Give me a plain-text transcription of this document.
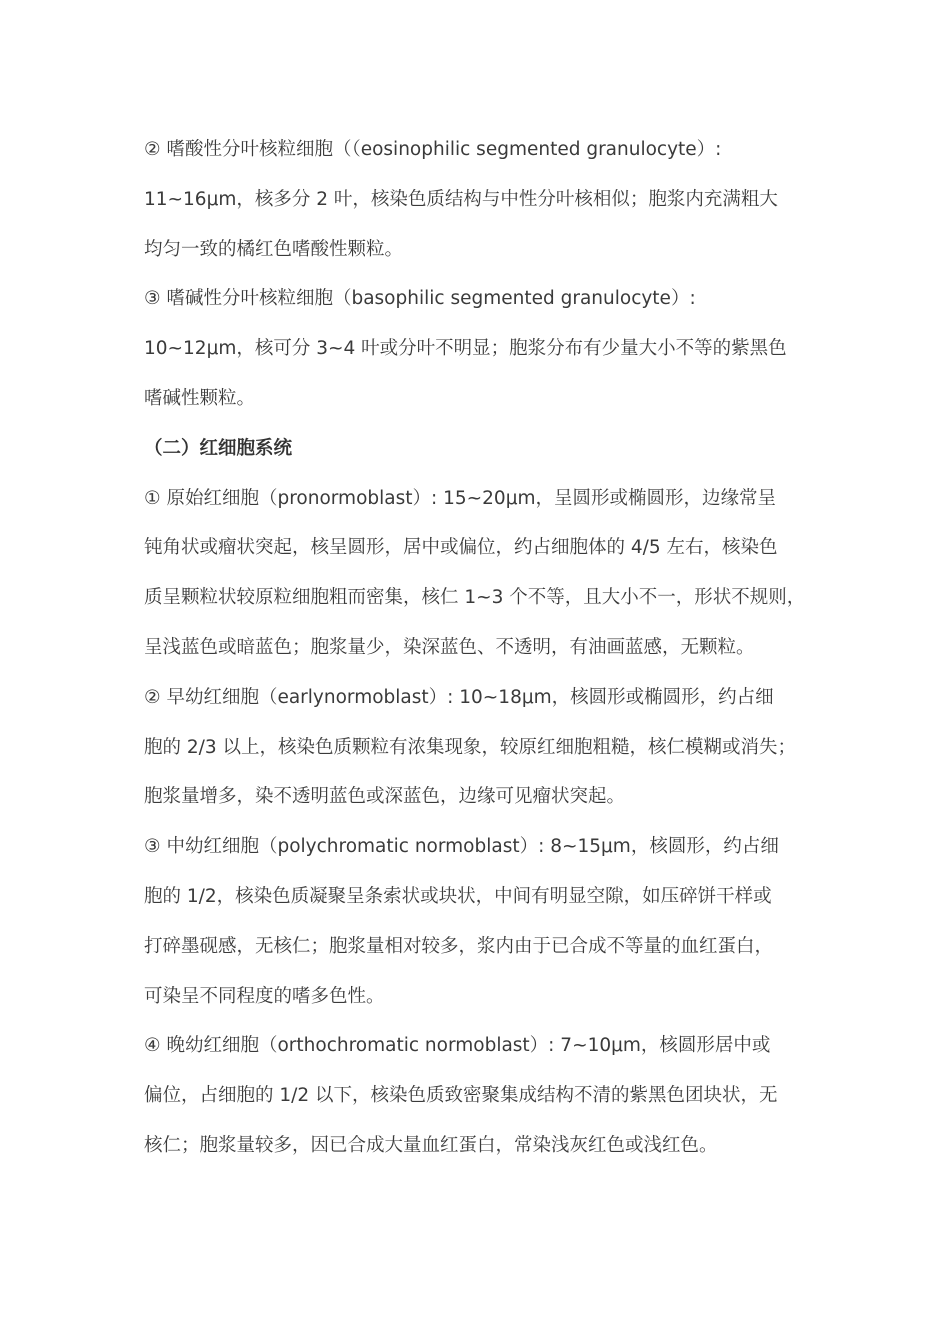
② 嗜酸性分叶核粒细胞（（eosinophilic segmented granulocyte）:
11~16μm，核多分 2 叶，核染色质结构与中性分叶核相似；胞浆内充满粗大
均匀一致的橘红色嗜酸性颗粒。
③ 嗜碱性分叶核粒细胞（basophilic segmented granulocyte）:
10~12μm，核可分 3~4 叶或分叶不明显；胞浆分布有少量大小不等的紫黑色
嗜碱性颗粒。
（二）红细胞系统
① 原始红细胞（pronormoblast）: 15~20μm，呈圆形或椭圆形，边缘常呈
钝角状或瘤状突起，核呈圆形，居中或偏位，约占细胞体的 4/5 左右，核染色
质呈颗粒状较原粒细胞粗而密集，核仁 1~3 个不等，且大小不一，形状不规则，
呈浅蓝色或暗蓝色；胞浆量少，染深蓝色、不透明，有油画蓝感，无颗粒。
② 早幼红细胞（earlynormoblast）: 10~18μm，核圆形或椭圆形，约占细
胞的 2/3 以上，核染色质颗粒有浓集现象，较原红细胞粗糙，核仁模糊或消失；
胞浆量增多，染不透明蓝色或深蓝色，边缘可见瘤状突起。
③ 中幼红细胞（polychromatic normoblast）: 8~15μm，核圆形，约占细
胞的 1/2，核染色质凝聚呈条索状或块状，中间有明显空隙，如压碎饼干样或
打碎墨砚感，无核仁；胞浆量相对较多，浆内由于已合成不等量的血红蛋白，
可染呈不同程度的嗜多色性。
④ 晚幼红细胞（orthochromatic normoblast）: 7~10μm，核圆形居中或
偏位，占细胞的 1/2 以下，核染色质致密聚集成结构不清的紫黑色团块状，无
核仁；胞浆量较多，因已合成大量血红蛋白，常染浅灰红色或浅红色。
